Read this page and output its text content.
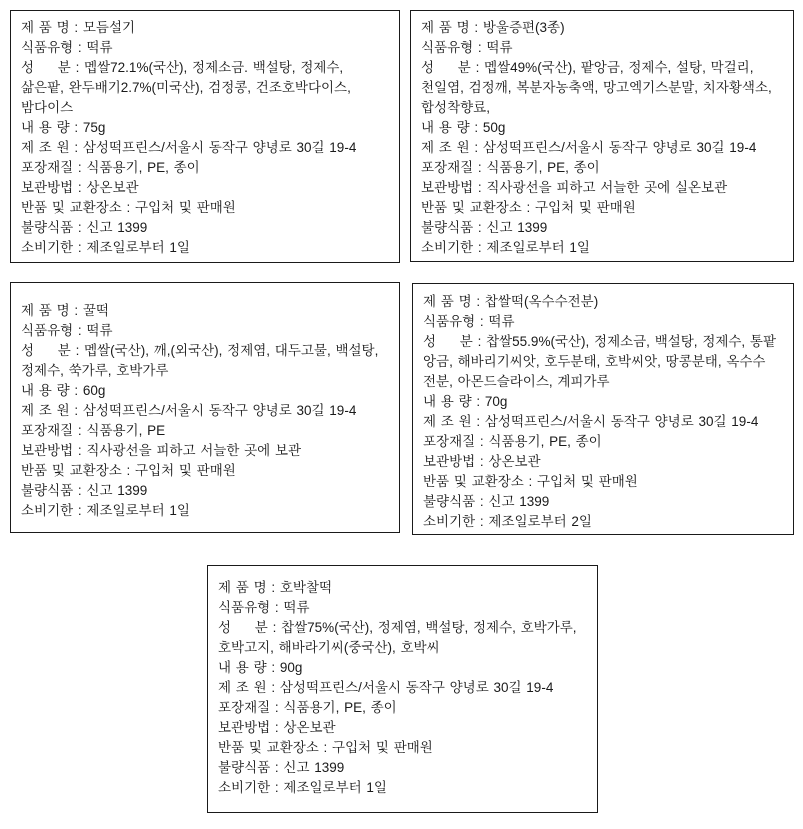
제 품 명 : 모듬설기
식품유형 : 떡류
성     분 : 멥쌀72.1%(국산), 정제소금. 백설탕, 정제수,
삶은팥, 완두배기2.7%(미국산), 검정콩, 건조호박다이스,
밤다이스
내 용 량 : 75g
제 조 원 : 삼성떡프린스/서울시 동작구 양녕로 30길 19-4
포장재질 : 식품용기, PE, 종이
보관방법 : 상온보관
반품 및 교환장소 : 구입처 및 판매원
불량식품 : 신고 1399
소비기한 : 제조일로부터 1일
제 품 명 : 방울증편(3종)
식품유형 : 떡류
성     분 : 멥쌀49%(국산), 팥앙금, 정제수, 설탕, 막걸리,
천일염, 검정깨, 복분자농축액, 망고엑기스분말, 치자황색소,
합성착향료,
내 용 량 : 50g
제 조 원 : 삼성떡프린스/서울시 동작구 양녕로 30길 19-4
포장재질 : 식품용기, PE, 종이
보관방법 : 직사광선을 피하고 서늘한 곳에 실온보관
반품 및 교환장소 : 구입처 및 판매원
불량식품 : 신고 1399
소비기한 : 제조일로부터 1일
제 품 명 : 꿀떡
식품유형 : 떡류
성     분 : 멥쌀(국산), 깨,(외국산), 정제염, 대두고물, 백설탕,
정제수, 쑥가루, 호박가루
내 용 량 : 60g
제 조 원 : 삼성떡프린스/서울시 동작구 양녕로 30길 19-4
포장재질 : 식품용기, PE
보관방법 : 직사광선을 피하고 서늘한 곳에 보관
반품 및 교환장소 : 구입처 및 판매원
불량식품 : 신고 1399
소비기한 : 제조일로부터 1일
제 품 명 : 찹쌀떡(옥수수전분)
식품유형 : 떡류
성     분 : 찹쌀55.9%(국산), 정제소금, 백설탕, 정제수, 통팥
앙금, 해바리기씨앗, 호두분태, 호박씨앗, 땅콩분태, 옥수수
전분, 아몬드슬라이스, 계피가루
내 용 량 : 70g
제 조 원 : 삼성떡프린스/서울시 동작구 양녕로 30길 19-4
포장재질 : 식품용기, PE, 종이
보관방법 : 상온보관
반품 및 교환장소 : 구입처 및 판매원
불량식품 : 신고 1399
소비기한 : 제조일로부터 2일
제 품 명 : 호박찰떡
식품유형 : 떡류
성     분 : 찹쌀75%(국산), 정제염, 백설탕, 정제수, 호박가루,
호박고지, 해바라기씨(중국산), 호박씨
내 용 량 : 90g
제 조 원 : 삼성떡프린스/서울시 동작구 양녕로 30길 19-4
포장재질 : 식품용기, PE, 종이
보관방법 : 상온보관
반품 및 교환장소 : 구입처 및 판매원
불량식품 : 신고 1399
소비기한 : 제조일로부터 1일
